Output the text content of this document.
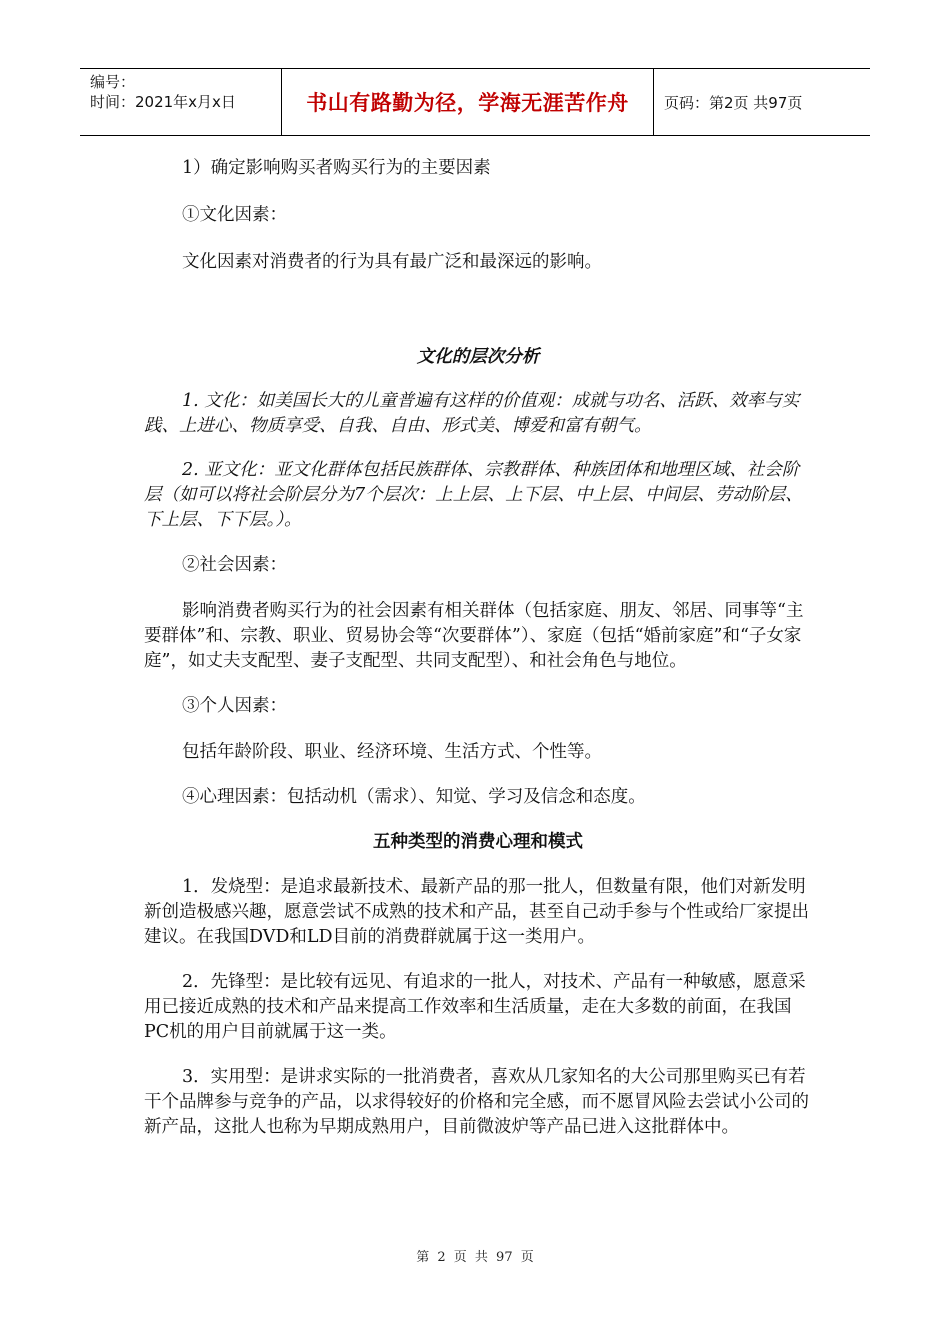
编号：
时间：2021年x月x日	书山有路勤为径，学海无涯苦作舟 页码：第2页 共97页

1）确定影响购买者购买行为的主要因素

①文化因素：

文化因素对消费者的行为具有最广泛和最深远的影响。

文化的层次分析

1. 文化：如美国长大的儿童普遍有这样的价值观：成就与功名、活跃、效率与实践、上进心、物质享受、自我、自由、形式美、博爱和富有朝气。

2. 亚文化：亚文化群体包括民族群体、宗教群体、种族团体和地理区域、社会阶层（如可以将社会阶层分为7个层次：上上层、上下层、中上层、中间层、劳动阶层、下上层、下下层。）。

②社会因素：

影响消费者购买行为的社会因素有相关群体（包括家庭、朋友、邻居、同事等“主要群体”和、宗教、职业、贸易协会等“次要群体”）、家庭（包括“婚前家庭”和“子女家庭”，如丈夫支配型、妻子支配型、共同支配型）、和社会角色与地位。

③个人因素：

包括年龄阶段、职业、经济环境、生活方式、个性等。

④心理因素：包括动机（需求）、知觉、学习及信念和态度。

五种类型的消费心理和模式

1．发烧型：是追求最新技术、最新产品的那一批人，但数量有限，他们对新发明新创造极感兴趣，愿意尝试不成熟的技术和产品，甚至自己动手参与个性或给厂家提出建议。在我国DVD和LD目前的消费群就属于这一类用户。

2．先锋型：是比较有远见、有追求的一批人，对技术、产品有一种敏感，愿意采用已接近成熟的技术和产品来提高工作效率和生活质量，走在大多数的前面，在我国PC机的用户目前就属于这一类。

3．实用型：是讲求实际的一批消费者，喜欢从几家知名的大公司那里购买已有若干个品牌参与竞争的产品，以求得较好的价格和完全感，而不愿冒风险去尝试小公司的新产品，这批人也称为早期成熟用户，目前微波炉等产品已进入这批群体中。

第 2 页 共 97 页
